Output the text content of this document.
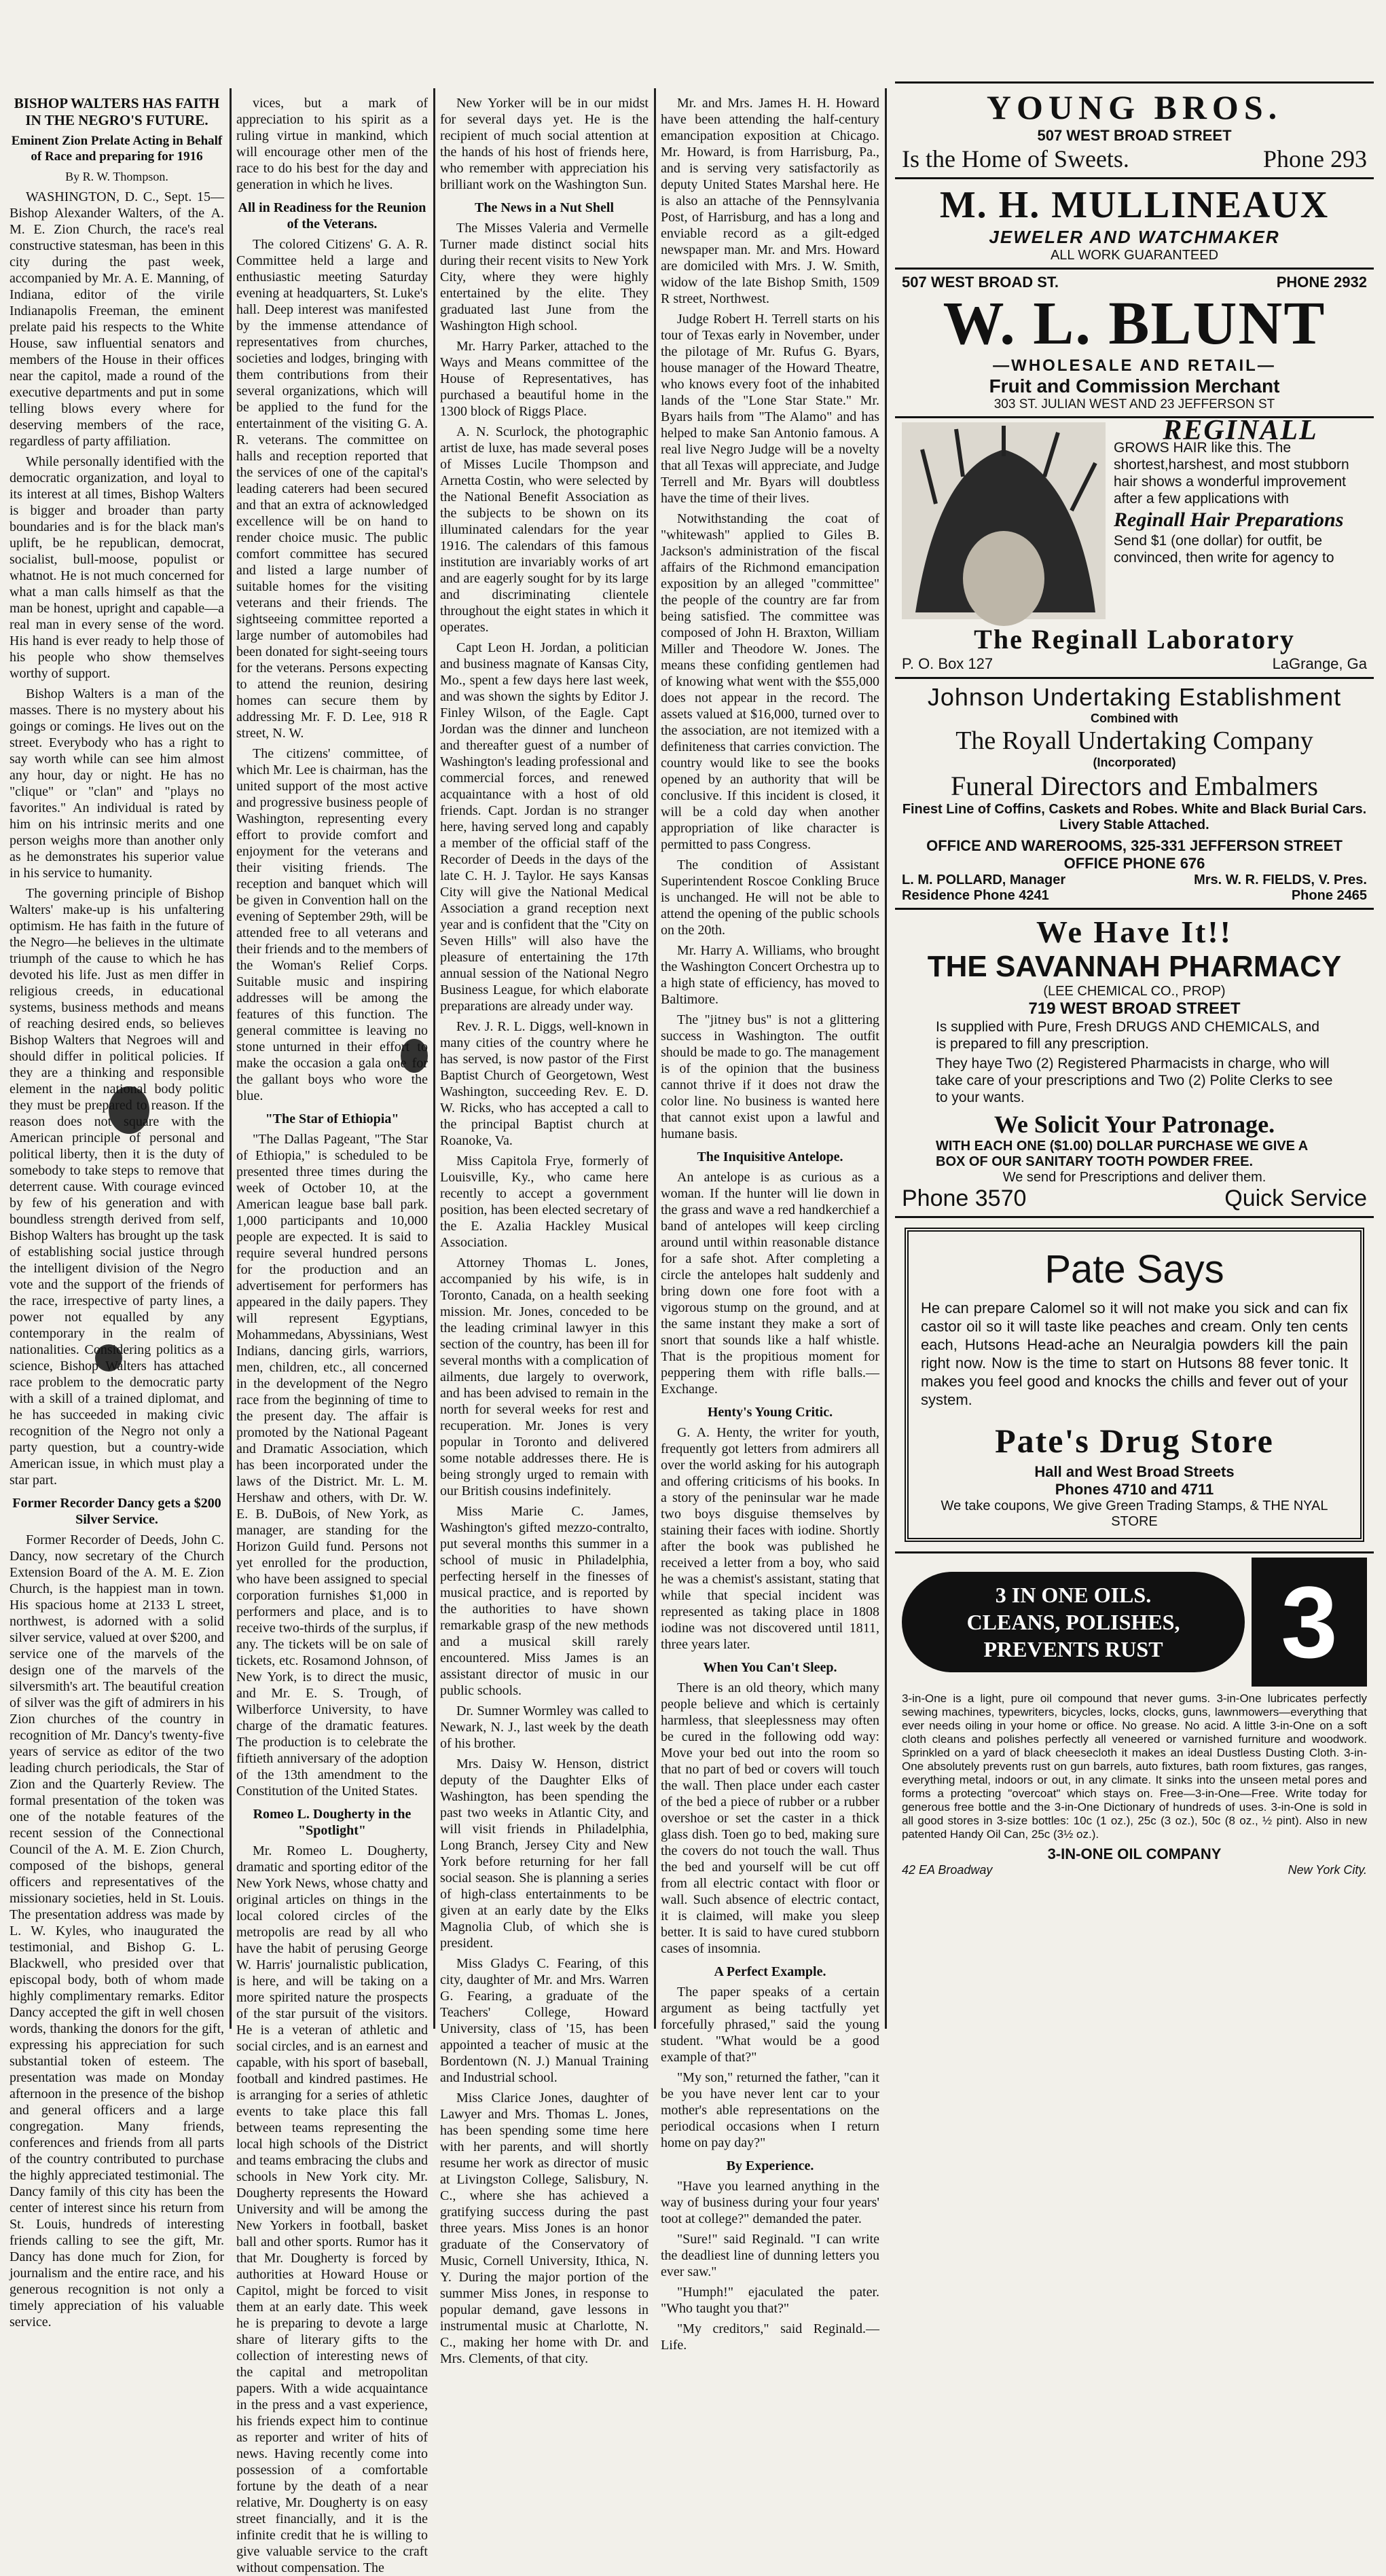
BISHOP WALTERS HAS FAITH IN THE NEGRO'S FUTURE.
Eminent Zion Prelate Acting in Behalf of Race and preparing for 1916
By R. W. Thompson.

WASHINGTON, D. C., Sept. 15—Bishop Alexander Walters, of the A. M. E. Zion Church, the race's real constructive statesman, has been in this city during the past week, accompanied by Mr. A. E. Manning, of Indiana, editor of the virile Indianapolis Freeman, the eminent prelate paid his respects to the White House, saw influential senators and members of the House in their offices near the capitol, made a round of the executive departments and put in some telling blows every where for deserving members of the race, regardless of party affiliation.

While personally identified with the democratic organization, and loyal to its interest at all times, Bishop Walters is bigger and broader than party boundaries and is for the black man's uplift, be he republican, democrat, socialist, bull-moose, populist or whatnot. He is not much concerned for what a man calls himself as that the man be honest, upright and capable—a real man in every sense of the word. His hand is ever ready to help those of his people who show themselves worthy of support.

Bishop Walters is a man of the masses. There is no mystery about his goings or comings. He lives out on the street. Everybody who has a right to say worth while can see him almost any hour, day or night. He has no "clique" or "clan" and "plays no favorites." An individual is rated by him on his intrinsic merits and one person weighs more than another only as he demonstrates his superior value in his service to humanity.

The governing principle of Bishop Walters' make-up is his unfaltering optimism. He has faith in the future of the Negro—he believes in the ultimate triumph of the cause to which he has devoted his life. Just as men differ in religious creeds, in educational systems, business methods and means of reaching desired ends, so believes Bishop Walters that Negroes will and should differ in political policies. If they are a thinking and responsible element in the national body politic they must be prepared to reason. If the reason does not square with the American principle of personal and political liberty, then it is the duty of somebody to take steps to remove that deterrent cause. With courage evinced by few of his generation and with boundless strength derived from self, Bishop Walters has brought up the task of establishing social justice through the intelligent division of the Negro vote and the support of the friends of the race, irrespective of party lines, a power not equalled by any contemporary in the realm of nationalities. Considering politics as a science, Bishop Walters has attached race problem to the democratic party with a skill of a trained diplomat, and he has succeeded in making civic recognition of the Negro not only a party question, but a country-wide American issue, in which must play a star part.

Former Recorder Dancy gets a $200 Silver Service.

Former Recorder of Deeds, John C. Dancy, now secretary of the Church Extension Board of the A. M. E. Zion Church, is the happiest man in town. His spacious home at 2133 L street, northwest, is adorned with a solid silver service, valued at over $200, and service one of the marvels of the design one of the marvels of the silversmith's art. The beautiful creation of silver was the gift of admirers in his Zion churches of the country in recognition of Mr. Dancy's twenty-five years of service as editor of the two leading church periodicals, the Star of Zion and the Quarterly Review. The formal presentation of the token was one of the notable features of the recent session of the Connectional Council of the A. M. E. Zion Church, composed of the bishops, general officers and representatives of the missionary societies, held in St. Louis. The presentation address was made by L. W. Kyles, who inaugurated the testimonial, and Bishop G. L. Blackwell, who presided over that episcopal body, both of whom made highly complimentary remarks. Editor Dancy accepted the gift in well chosen words, thanking the donors for the gift, expressing his appreciation for such substantial token of esteem. The presentation was made on Monday afternoon in the presence of the bishop and general officers and a large congregation. Many friends, conferences and friends from all parts of the country contributed to purchase the highly appreciated testimonial. The Dancy family of this city has been the center of interest since his return from St. Louis, hundreds of interesting friends calling to see the gift, Mr. Dancy has done much for Zion, for journalism and the entire race, and his generous recognition is not only a timely appreciation of his valuable service.

vices, but a mark of appreciation to his spirit as a ruling virtue in mankind, which will encourage other men of the race to do his best for the day and generation in which he lives.

All in Readiness for the Reunion of the Veterans.

The colored Citizens' G. A. R. Committee held a large and enthusiastic meeting Saturday evening at headquarters, St. Luke's hall. Deep interest was manifested by the immense attendance of representatives from churches, societies and lodges, bringing with them contributions from their several organizations, which will be applied to the fund for the entertainment of the visiting G. A. R. veterans. The committee on halls and reception reported that the services of one of the capital's leading caterers had been secured and that an extra of acknowledged excellence will be on hand to render choice music. The public comfort committee has secured and listed a large number of suitable homes for the visiting veterans and their friends. The sightseeing committee reported a large number of automobiles had been donated for sight-seeing tours for the veterans. Persons expecting to attend the reunion, desiring homes can secure them by addressing Mr. F. D. Lee, 918 R street, N. W.

The citizens' committee, of which Mr. Lee is chairman, has the united support of the most active and progressive business people of Washington, representing every effort to provide comfort and enjoyment for the veterans and their visiting friends. The reception and banquet which will be given in Convention hall on the evening of September 29th, will be attended free to all veterans and their friends and to the members of the Woman's Relief Corps. Suitable music and inspiring addresses will be among the features of this function. The general committee is leaving no stone unturned in their effort to make the occasion a gala one for the gallant boys who wore the blue.

"The Star of Ethiopia"

"The Dallas Pageant, "The Star of Ethiopia," is scheduled to be presented three times during the week of October 10, at the American league base ball park. 1,000 participants and 10,000 people are expected. It is said to require several hundred persons for the production and an advertisement for performers has appeared in the daily papers. They will represent Egyptians, Mohammedans, Abyssinians, West Indians, dancing girls, warriors, men, children, etc., all concerned in the development of the Negro race from the beginning of time to the present day. The affair is promoted by the National Pageant and Dramatic Association, which has been incorporated under the laws of the District. Mr. L. M. Hershaw and others, with Dr. W. E. B. DuBois, of New York, as manager, are standing for the Horizon Guild fund. Persons not yet enrolled for the production, who have been assigned to special corporation furnishes $1,000 in performers and place, and is to receive two-thirds of the surplus, if any. The tickets will be on sale of tickets, etc. Rosamond Johnson, of New York, is to direct the music, and Mr. E. S. Trough, of Wilberforce University, to have charge of the dramatic features. The production is to celebrate the fiftieth anniversary of the adoption of the 13th amendment to the Constitution of the United States.

Romeo L. Dougherty in the "Spotlight"

Mr. Romeo L. Dougherty, dramatic and sporting editor of the New York News, whose chatty and original articles on things in the local colored circles of the metropolis are read by all who have the habit of perusing George W. Harris' journalistic publication, is here, and will be taking on a more spirited nature the prospects of the star pursuit of the visitors. He is a veteran of athletic and social circles, and is an earnest and capable, with his sport of baseball, football and kindred pastimes. He is arranging for a series of athletic events to take place this fall between teams representing the local high schools of the District and teams embracing the clubs and schools in New York city. Mr. Dougherty represents the Howard University and will be among the New Yorkers in football, basket ball and other sports. Rumor has it that Mr. Dougherty is forced by authorities at Howard House or Capitol, might be forced to visit them at an early date. This week he is preparing to devote a large share of literary gifts to the collection of interesting news of the capital and metropolitan papers. With a wide acquaintance in the press and a vast experience, his friends expect him to continue as reporter and writer of hits of news. Having recently come into possession of a comfortable fortune by the death of a near relative, Mr. Dougherty is on easy street financially, and it is the infinite credit that he is willing to give valuable service to the craft without compensation. The

New Yorker will be in our midst for several days yet. He is the recipient of much social attention at the hands of his host of friends here, who remember with appreciation his brilliant work on the Washington Sun.

The News in a Nut Shell

The Misses Valeria and Vermelle Turner made distinct social hits during their recent visits to New York City, where they were highly entertained by the elite. They graduated last June from the Washington High school.

Mr. Harry Parker, attached to the Ways and Means committee of the House of Representatives, has purchased a beautiful home in the 1300 block of Riggs Place.

A. N. Scurlock, the photographic artist de luxe, has made several poses of Misses Lucile Thompson and Arnetta Costin, who were selected by the National Benefit Association as the subjects to be shown on its illuminated calendars for the year 1916. The calendars of this famous institution are invariably works of art and are eagerly sought for by its large and discriminating clientele throughout the eight states in which it operates.

Capt Leon H. Jordan, a politician and business magnate of Kansas City, Mo., spent a few days here last week, and was shown the sights by Editor J. Finley Wilson, of the Eagle. Capt Jordan was the dinner and luncheon and thereafter guest of a number of Washington's leading professional and commercial forces, and renewed acquaintance with a host of old friends. Capt. Jordan is no stranger here, having served long and capably a member of the official staff of the Recorder of Deeds in the days of the late C. H. J. Taylor. He says Kansas City will give the National Medical Association a grand reception next year and is confident that the "City on Seven Hills" will also have the pleasure of entertaining the 17th annual session of the National Negro Business League, for which elaborate preparations are already under way.

Rev. J. R. L. Diggs, well-known in many cities of the country where he has served, is now pastor of the First Baptist Church of Georgetown, West Washington, succeeding Rev. E. D. W. Ricks, who has accepted a call to the principal Baptist church at Roanoke, Va.

Miss Capitola Frye, formerly of Louisville, Ky., who came here recently to accept a government position, has been elected secretary of the E. Azalia Hackley Musical Association.

Attorney Thomas L. Jones, accompanied by his wife, is in Toronto, Canada, on a health seeking mission. Mr. Jones, conceded to be the leading criminal lawyer in this section of the country, has been ill for several months with a complication of ailments, due largely to overwork, and has been advised to remain in the north for several weeks for rest and recuperation. Mr. Jones is very popular in Toronto and delivered some notable addresses there. He is being strongly urged to remain with our British cousins indefinitely.

Miss Marie C. James, Washington's gifted mezzo-contralto, put several months this summer in a school of music in Philadelphia, perfecting herself in the finesses of musical practice, and is reported by the authorities to have shown remarkable grasp of the new methods and a musical skill rarely encountered. Miss James is an assistant director of music in our public schools.

Dr. Sumner Wormley was called to Newark, N. J., last week by the death of his brother.

Mrs. Daisy W. Henson, district deputy of the Daughter Elks of Washington, has been spending the past two weeks in Atlantic City, and will visit friends in Philadelphia, Long Branch, Jersey City and New York before returning for her fall social season. She is planning a series of high-class entertainments to be given at an early date by the Elks Magnolia Club, of which she is president.

Miss Gladys C. Fearing, of this city, daughter of Mr. and Mrs. Warren G. Fearing, a graduate of the Teachers' College, Howard University, class of '15, has been appointed a teacher of music at the Bordentown (N. J.) Manual Training and Industrial school.

Miss Clarice Jones, daughter of Lawyer and Mrs. Thomas L. Jones, has been spending some time here with her parents, and will shortly resume her work as director of music at Livingston College, Salisbury, N. C., where she has achieved a gratifying success during the past three years. Miss Jones is an honor graduate of the Conservatory of Music, Cornell University, Ithica, N. Y. During the major portion of the summer Miss Jones, in response to popular demand, gave lessons in instrumental music at Charlotte, N. C., making her home with Dr. and Mrs. Clements, of that city.

Mr. and Mrs. James H. H. Howard have been attending the half-century emancipation exposition at Chicago. Mr. Howard, is from Harrisburg, Pa., and is serving very satisfactorily as deputy United States Marshal here. He is also an attache of the Pennsylvania Post, of Harrisburg, and has a long and enviable record as a gilt-edged newspaper man. Mr. and Mrs. Howard are domiciled with Mrs. J. W. Smith, widow of the late Bishop Smith, 1509 R street, Northwest.

Judge Robert H. Terrell starts on his tour of Texas early in November, under the pilotage of Mr. Rufus G. Byars, house manager of the Howard Theatre, who knows every foot of the inhabited lands of the "Lone Star State." Mr. Byars hails from "The Alamo" and has helped to make San Antonio famous. A real live Negro Judge will be a novelty that all Texas will appreciate, and Judge Terrell and Mr. Byars will doubtless have the time of their lives.

Notwithstanding the coat of "whitewash" applied to Giles B. Jackson's administration of the fiscal affairs of the Richmond emancipation exposition by an alleged "committee" the people of the country are far from being satisfied. The committee was composed of John H. Braxton, William Miller and Theodore W. Jones. The means these confiding gentlemen had of knowing what went with the $55,000 does not appear in the record. The assets valued at $16,000, turned over to the association, are not itemized with a definiteness that carries conviction. The country would like to see the books opened by an authority that will be conclusive. If this incident is closed, it will be a cold day when another appropriation of like character is permitted to pass Congress.

The condition of Assistant Superintendent Roscoe Conkling Bruce is unchanged. He will not be able to attend the opening of the public schools on the 20th.

Mr. Harry A. Williams, who brought the Washington Concert Orchestra up to a high state of efficiency, has moved to Baltimore.

The "jitney bus" is not a glittering success in Washington. The outfit should be made to go. The management is of the opinion that the business cannot thrive if it does not draw the color line. No business is wanted here that cannot exist upon a lawful and humane basis.

The Inquisitive Antelope.

An antelope is as curious as a woman. If the hunter will lie down in the grass and wave a red handkerchief a band of antelopes will keep circling around until within reasonable distance for a safe shot. After completing a circle the antelopes halt suddenly and bring down one fore foot with a vigorous stump on the ground, and at the same instant they make a sort of snort that sounds like a half whistle. That is the propitious moment for peppering them with rifle balls.—Exchange.

Henty's Young Critic.

G. A. Henty, the writer for youth, frequently got letters from admirers all over the world asking for his autograph and offering criticisms of his books. In a story of the peninsular war he made two boys disguise themselves by staining their faces with iodine. Shortly after the book was published he received a letter from a boy, who said he was a chemist's assistant, stating that while that special incident was represented as taking place in 1808 iodine was not discovered until 1811, three years later.

When You Can't Sleep.

There is an old theory, which many people believe and which is certainly harmless, that sleeplessness may often be cured in the following odd way: Move your bed out into the room so that no part of bed or covers will touch the wall. Then place under each caster of the bed a piece of rubber or a rubber overshoe or set the caster in a thick glass dish. Toen go to bed, making sure the covers do not touch the wall. Thus the bed and yourself will be cut off from all electric contact with floor or wall. Such absence of electric contact, it is claimed, will make you sleep better. It is said to have cured stubborn cases of insomnia.

A Perfect Example.

The paper speaks of a certain argument as being tactfully yet forcefully phrased," said the young student. "What would be a good example of that?"

"My son," returned the father, "can it be you have never lent car to your mother's able representations on the periodical occasions when I return home on pay day?"

By Experience.

"Have you learned anything in the way of business during your four years' toot at college?" demanded the pater.

"Sure!" said Reginald. "I can write the deadliest line of dunning letters you ever saw."

"Humph!" ejaculated the pater. "Who taught you that?"

"My creditors," said Reginald.—Life.

YOUNG BROS.
507 WEST BROAD STREET
Is the Home of Sweets.	Phone 293
M. H. MULLINEAUX
JEWELER AND WATCHMAKER
ALL WORK GUARANTEED
507 WEST BROAD ST.	PHONE 2932
W. L. BLUNT
—WHOLESALE AND RETAIL—
Fruit and Commission Merchant
303 ST. JULIAN WEST AND 23 JEFFERSON ST
REGINALL
GROWS HAIR like this. The shortest,harshest, and most stubborn hair shows a wonderful improvement after a few applications with
Reginall Hair Preparations
Send $1 (one dollar) for outfit, be convinced, then write for agency to
The Reginall Laboratory
P. O. Box 127	LaGrange, Ga
Johnson Undertaking Establishment
Combined with
The Royall Undertaking Company
(Incorporated)
Funeral Directors and Embalmers
Finest Line of Coffins, Caskets and Robes. White and Black Burial Cars. Livery Stable Attached.
OFFICE AND WAREROOMS, 325-331 JEFFERSON STREET
OFFICE PHONE 676
L. M. POLLARD, Manager	Mrs. W. R. FIELDS, V. Pres.
Residence Phone 4241	Phone 2465
We Have It!!
THE SAVANNAH PHARMACY
(LEE CHEMICAL CO., PROP)
719 WEST BROAD STREET
Is supplied with Pure, Fresh DRUGS AND CHEMICALS, and is prepared to fill any prescription.
They haye Two (2) Registered Pharmacists in charge, who will take care of your prescriptions and Two (2) Polite Clerks to see to your wants.
We Solicit Your Patronage.
WITH EACH ONE ($1.00) DOLLAR PURCHASE WE GIVE A BOX OF OUR SANITARY TOOTH POWDER FREE.
We send for Prescriptions and deliver them.
Phone 3570	Quick Service
Pate Says
He can prepare Calomel so it will not make you sick and can fix castor oil so it will taste like peaches and cream. Only ten cents each, Hutsons Head-ache an Neuralgia powders kill the pain right now. Now is the time to start on Hutsons 88 fever tonic. It makes you feel good and knocks the chills and fever out of your system.
Pate's Drug Store
Hall and West Broad Streets
Phones 4710 and 4711
We take coupons, We give Green Trading Stamps, & THE NYAL STORE
3 IN ONE OILS.
CLEANS, POLISHES,
PREVENTS RUST	3
3-in-One is a light, pure oil compound that never gums. 3-in-One lubricates perfectly sewing machines, typewriters, bicycles, locks, clocks, guns, lawnmowers—everything that ever needs oiling in your home or office. No grease. No acid. A little 3-in-One on a soft cloth cleans and polishes perfectly all veneered or varnished furniture and woodwork. Sprinkled on a yard of black cheesecloth it makes an ideal Dustless Dusting Cloth. 3-in-One absolutely prevents rust on gun barrels, auto fixtures, bath room fixtures, gas ranges, everything metal, indoors or out, in any climate. It sinks into the unseen metal pores and forms a protecting "overcoat" which stays on. Free—3-in-One—Free. Write today for generous free bottle and the 3-in-One Dictionary of hundreds of uses. 3-in-One is sold in all good stores in 3-size bottles: 10c (1 oz.), 25c (3 oz.), 50c (8 oz., ½ pint). Also in new patented Handy Oil Can, 25c (3½ oz.).
3-IN-ONE OIL COMPANY
42 EA Broadway	New York City.
